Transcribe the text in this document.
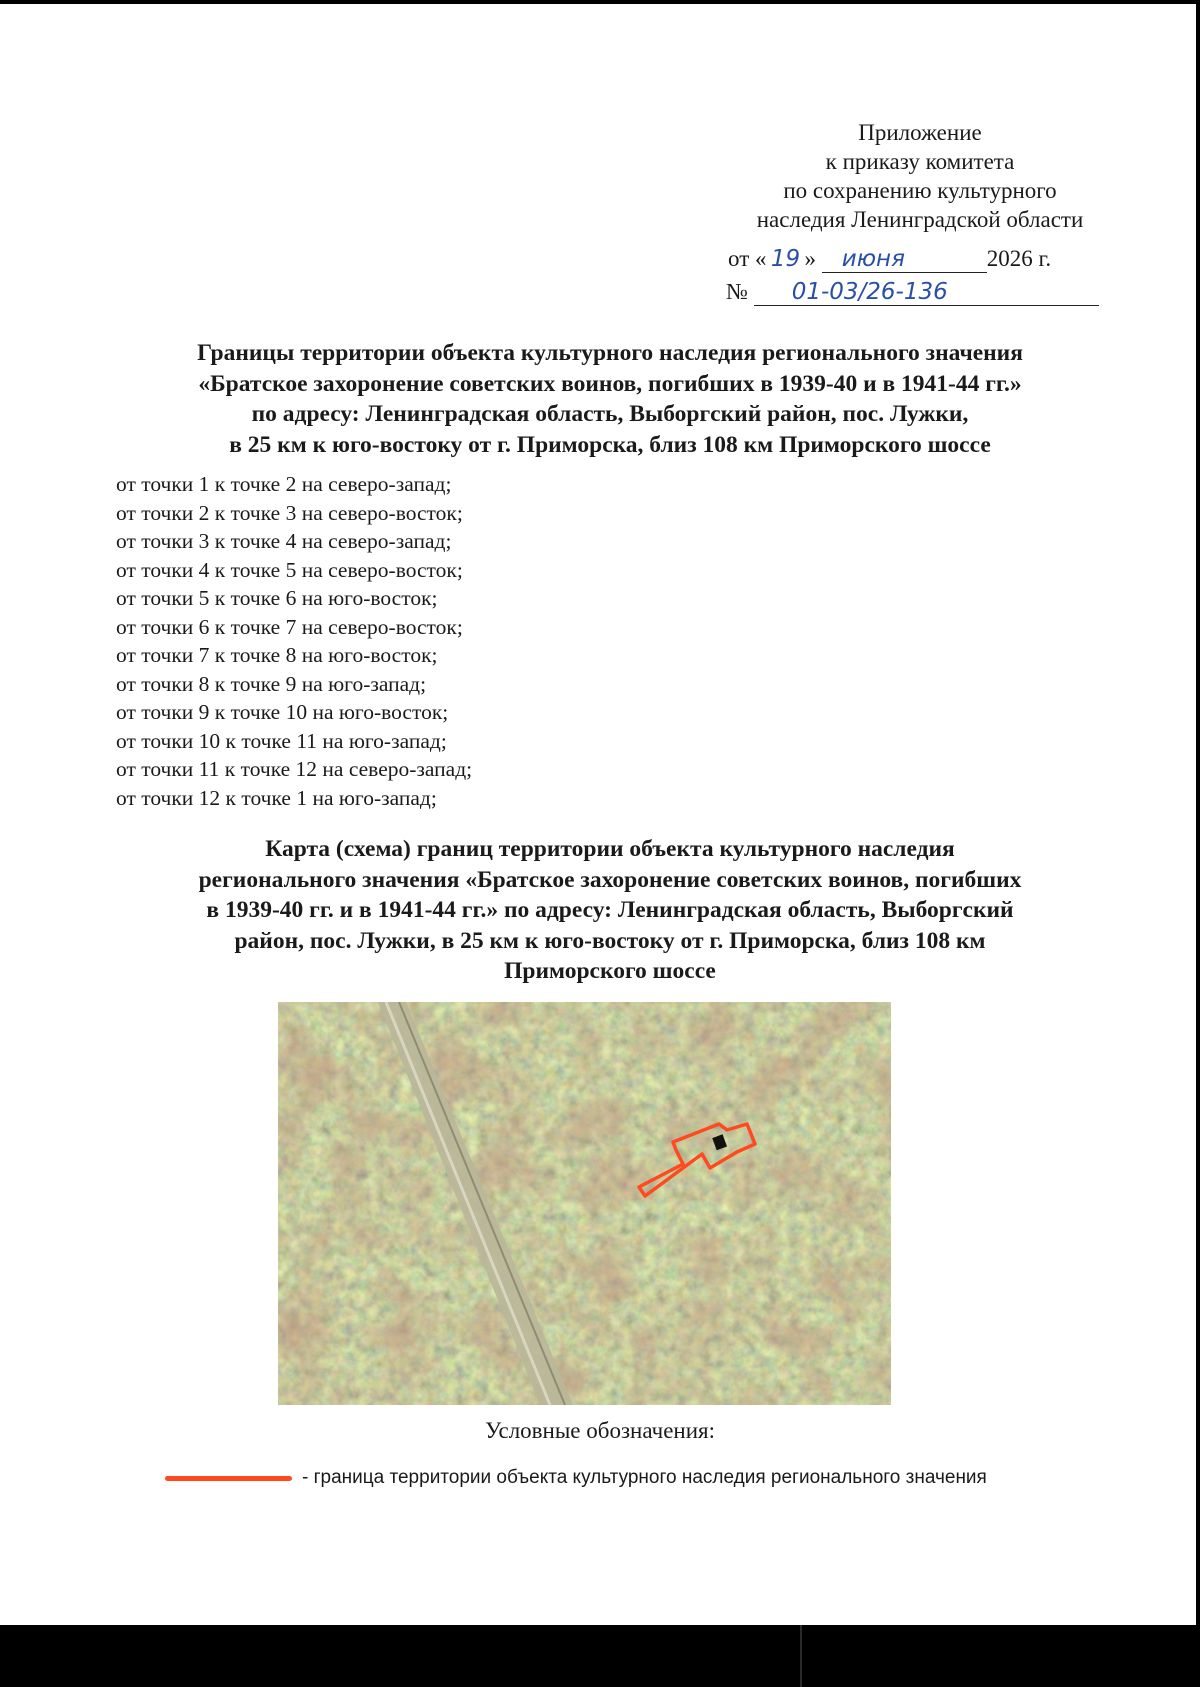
Приложение
к приказу комитета
по сохранению культурного
наследия Ленинградской области
от « 19 » июня	2026 г.
№ 01-03/26-136
Границы территории объекта культурного наследия регионального значения
«Братское захоронение советских воинов, погибших в 1939-40 и в 1941-44 гг.»
по адресу: Ленинградская область, Выборгский район, пос. Лужки,
в 25 км к юго-востоку от г. Приморска, близ 108 км Приморского шоссе
от точки 1 к точке 2 на северо-запад;
от точки 2 к точке 3 на северо-восток;
от точки 3 к точке 4 на северо-запад;
от точки 4 к точке 5 на северо-восток;
от точки 5 к точке 6 на юго-восток;
от точки 6 к точке 7 на северо-восток;
от точки 7 к точке 8 на юго-восток;
от точки 8 к точке 9 на юго-запад;
от точки 9 к точке 10 на юго-восток;
от точки 10 к точке 11 на юго-запад;
от точки 11 к точке 12 на северо-запад;
от точки 12 к точке 1 на юго-запад;
Карта (схема) границ территории объекта культурного наследия
регионального значения «Братское захоронение советских воинов, погибших
в 1939-40 гг. и в 1941-44 гг.» по адресу: Ленинградская область, Выборгский
район, пос. Лужки, в 25 км к юго-востоку от г. Приморска, близ 108 км
Приморского шоссе
Условные обозначения:
- граница территории объекта культурного наследия регионального значения
